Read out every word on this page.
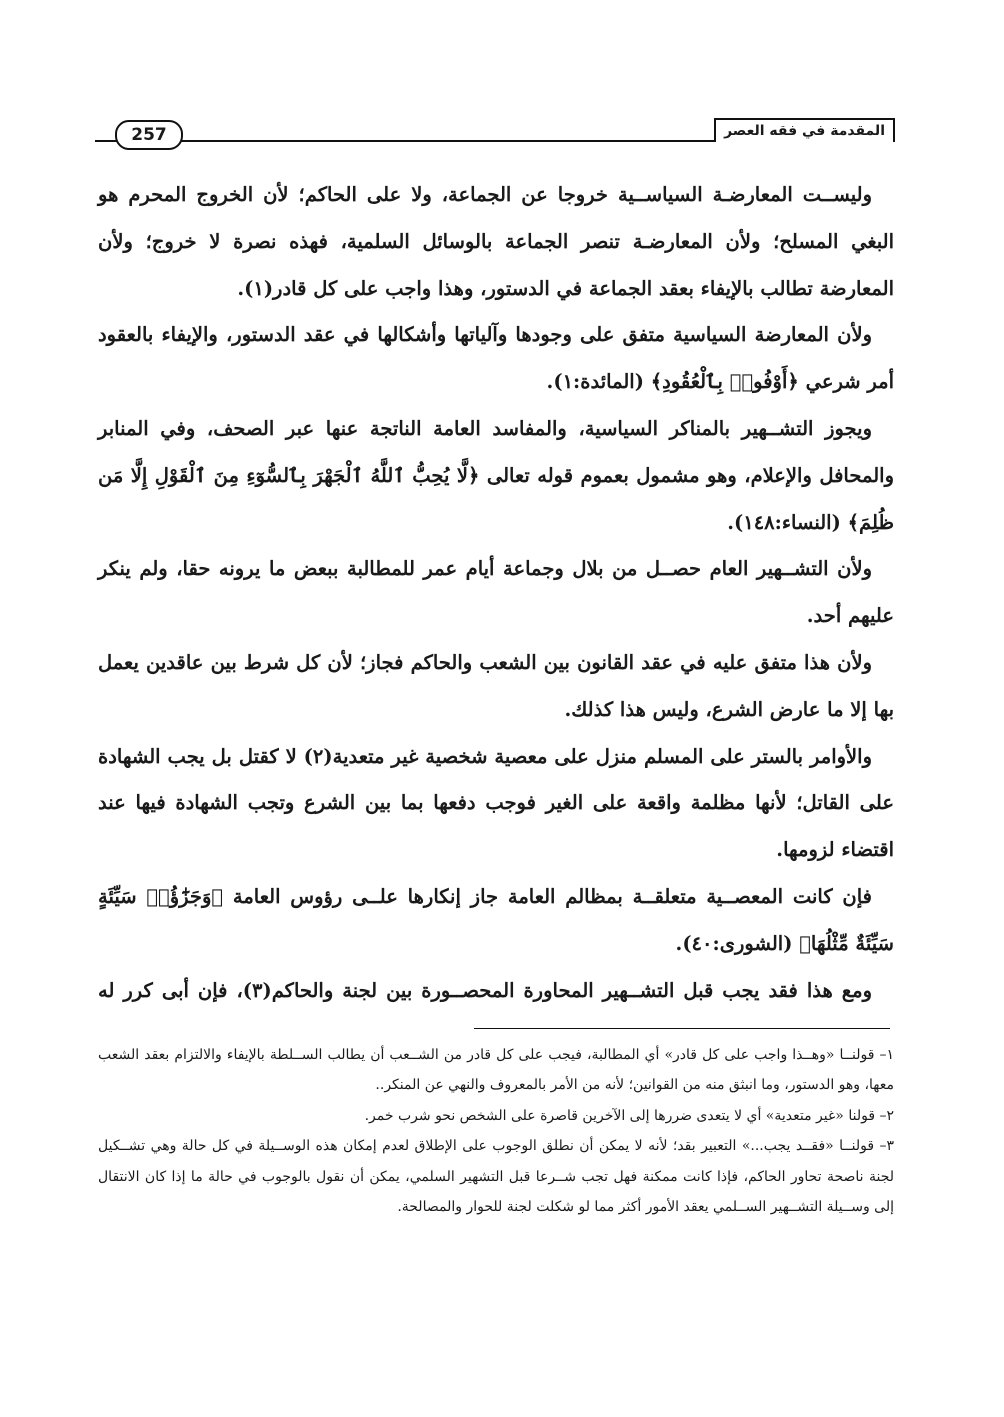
257	المقدمة في فقه العصر

وليســت المعارضـة السياســية خروجا عن الجماعة، ولا على الحاكم؛ لأن الخروج المحرم هو البغي المسلح؛ ولأن المعارضـة تنصر الجماعة بالوسائل السلمية، فهذه نصرة لا خروج؛ ولأن المعارضة تطالب بالإيفاء بعقد الجماعة في الدستور، وهذا واجب على كل قادر(١).

ولأن المعارضة السياسية متفق على وجودها وآلياتها وأشكالها في عقد الدستور، والإيفاء بالعقود أمر شرعي ﴿أَوْفُوا۟ بِٱلْعُقُودِ﴾ (المائدة:١).

ويجوز التشــهير بالمناكر السياسية، والمفاسد العامة الناتجة عنها عبر الصحف، وفي المنابر والمحافل والإعلام، وهو مشمول بعموم قوله تعالى ﴿لَّا يُحِبُّ ٱللَّهُ ٱلْجَهْرَ بِٱلسُّوٓءِ مِنَ ٱلْقَوْلِ إِلَّا مَن ظُلِمَ﴾ (النساء:١٤٨).

ولأن التشــهير العام حصــل من بلال وجماعة أيام عمر للمطالبة ببعض ما يرونه حقا، ولم ينكر عليهم أحد.

ولأن هذا متفق عليه في عقد القانون بين الشعب والحاكم فجاز؛ لأن كل شرط بين عاقدين يعمل بها إلا ما عارض الشرع، وليس هذا كذلك.

والأوامر بالستر على المسلم منزل على معصية شخصية غير متعدية(٢) لا كقتل بل يجب الشهادة على القاتل؛ لأنها مظلمة واقعة على الغير فوجب دفعها بما بين الشرع وتجب الشهادة فيها عند اقتضاء لزومها.

فإن كانت المعصــية متعلقــة بمظالم العامة جاز إنكارها علــى رؤوس العامة ﴿وَجَزَٰٓؤُا۟ سَيِّئَةٍ سَيِّئَةٌ مِّثْلُهَا﴾ (الشورى:٤٠).

ومع هذا فقد يجب قبل التشــهير المحاورة المحصــورة بين لجنة والحاكم(٣)، فإن أبى كرر له

١– قولنــا «وهــذا واجب على كل قادر» أي المطالبة، فيجب على كل قادر من الشــعب أن يطالب الســلطة بالإيفاء والالتزام بعقد الشعب معها، وهو الدستور، وما انبثق منه من القوانين؛ لأنه من الأمر بالمعروف والنهي عن المنكر..

٢– قولنا «غير متعدية» أي لا يتعدى ضررها إلى الآخرين قاصرة على الشخص نحو شرب خمر.

٣– قولنــا «فقــد يجب...» التعبير بقد؛ لأنه لا يمكن أن نطلق الوجوب على الإطلاق لعدم إمكان هذه الوســيلة في كل حالة وهي تشــكيل لجنة ناصحة تحاور الحاكم، فإذا كانت ممكنة فهل تجب شــرعا قبل التشهير السلمي، يمكن أن نقول بالوجوب في حالة ما إذا كان الانتقال إلى وســيلة التشــهير الســلمي يعقد الأمور أكثر مما لو شكلت لجنة للحوار والمصالحة.
